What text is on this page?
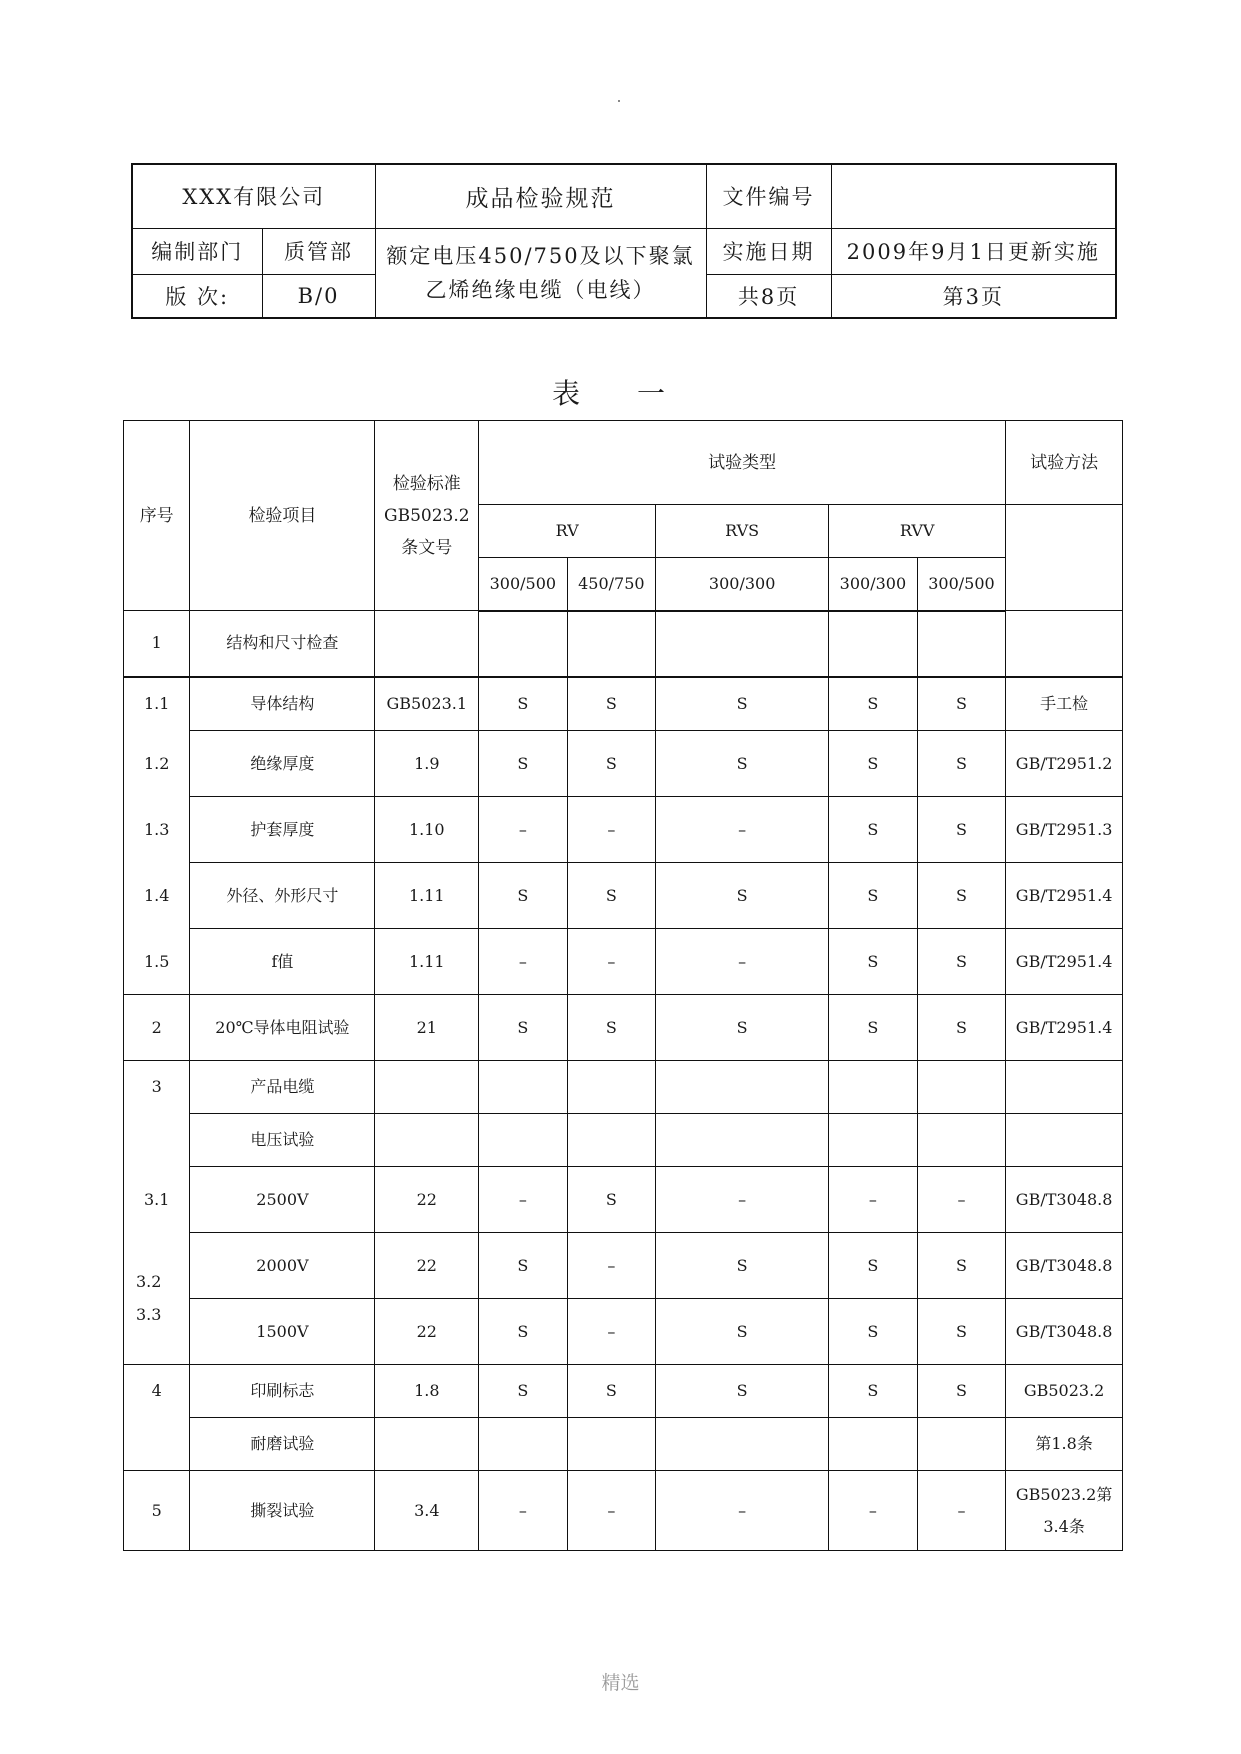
XXX有限公司		成品检验规范	文件编号	
编制部门	质管部	额定电压450/750及以下聚氯乙烯绝缘电缆（电线）	实施日期	2009年9月1日更新实施
版 次:	B/0		共8页	第3页
表 一
序号	检验项目	检验标准GB5023.2条文号	试验类型					试验方法
			RV		RVS	RVV		
			300/500	450/750	300/300	300/300	300/500	
1	结构和尺寸检查							
1.1	导体结构	GB5023.1	S	S	S	S	S	手工检
1.2	绝缘厚度	1.9	S	S	S	S	S	GB/T2951.2
1.3	护套厚度	1.10	–	–	–	S	S	GB/T2951.3
1.4	外径、外形尺寸	1.11	S	S	S	S	S	GB/T2951.4
1.5	f值	1.11	–	–	–	S	S	GB/T2951.4
2	20℃导体电阻试验	21	S	S	S	S	S	GB/T2951.4
3	产品电缆							
	电压试验							
3.1	2500V	22	–	S	–	–	–	GB/T3048.8
3.2	2000V	22	S	–	S	S	S	GB/T3048.8
3.3	1500V	22	S	–	S	S	S	GB/T3048.8
4	印刷标志	1.8	S	S	S	S	S	GB5023.2
	耐磨试验							第1.8条
5	撕裂试验	3.4	–	–	–	–	–	GB5023.2第3.4条
精选
